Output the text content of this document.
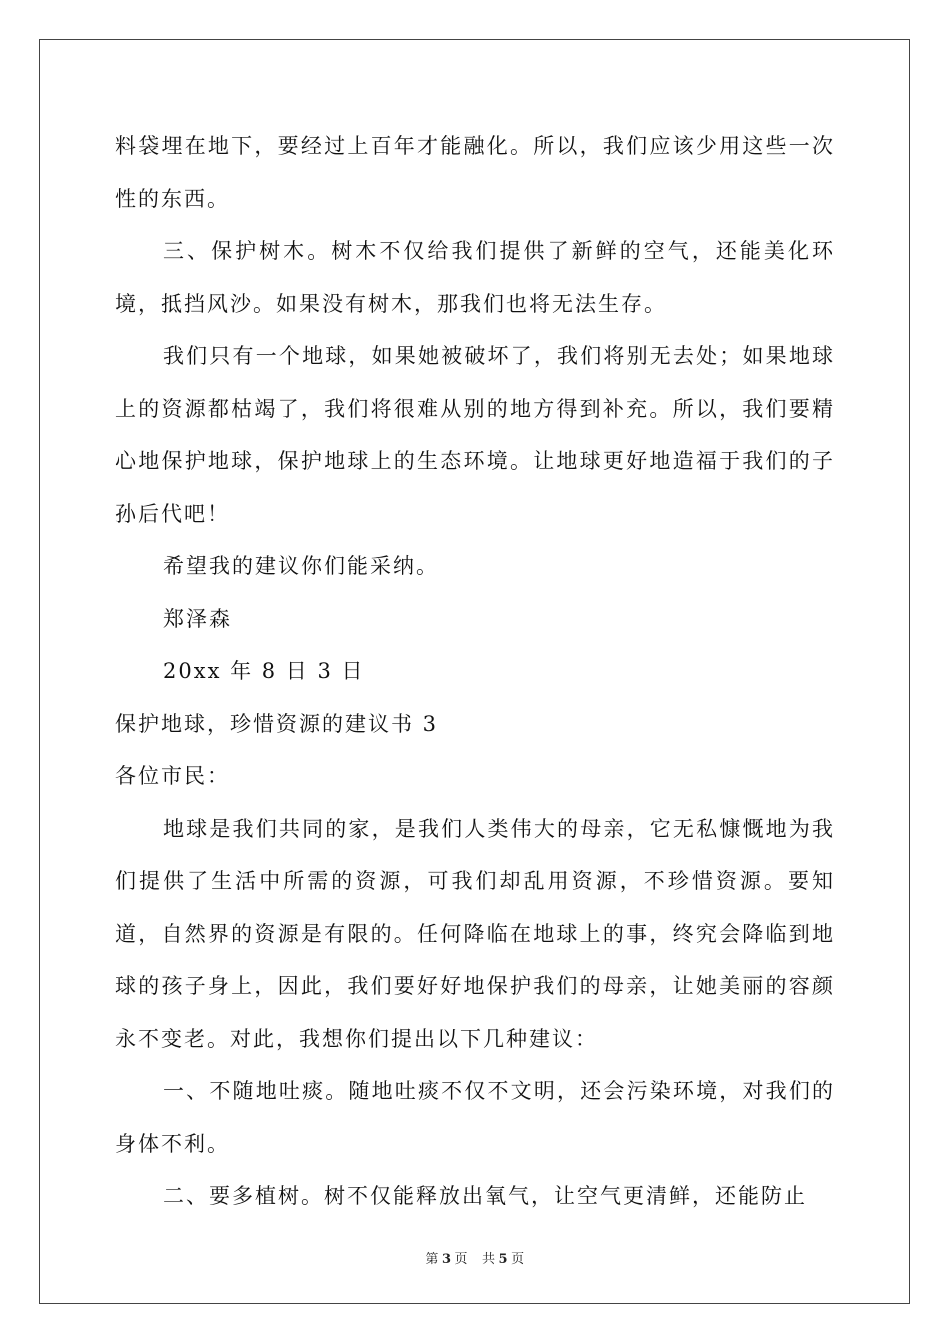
料袋埋在地下，要经过上百年才能融化。所以，我们应该少用这些一次性的东西。

三、保护树木。树木不仅给我们提供了新鲜的空气，还能美化环境，抵挡风沙。如果没有树木，那我们也将无法生存。

我们只有一个地球，如果她被破坏了，我们将别无去处；如果地球上的资源都枯竭了，我们将很难从别的地方得到补充。所以，我们要精心地保护地球，保护地球上的生态环境。让地球更好地造福于我们的子孙后代吧！

希望我的建议你们能采纳。

郑泽森

20xx 年 8 日 3 日

保护地球，珍惜资源的建议书 3

各位市民：

地球是我们共同的家，是我们人类伟大的母亲，它无私慷慨地为我们提供了生活中所需的资源，可我们却乱用资源，不珍惜资源。要知道，自然界的资源是有限的。任何降临在地球上的事，终究会降临到地球的孩子身上，因此，我们要好好地保护我们的母亲，让她美丽的容颜永不变老。对此，我想你们提出以下几种建议：

一、不随地吐痰。随地吐痰不仅不文明，还会污染环境，对我们的身体不利。

二、要多植树。树不仅能释放出氧气，让空气更清鲜，还能防止

第 3 页 共 5 页
